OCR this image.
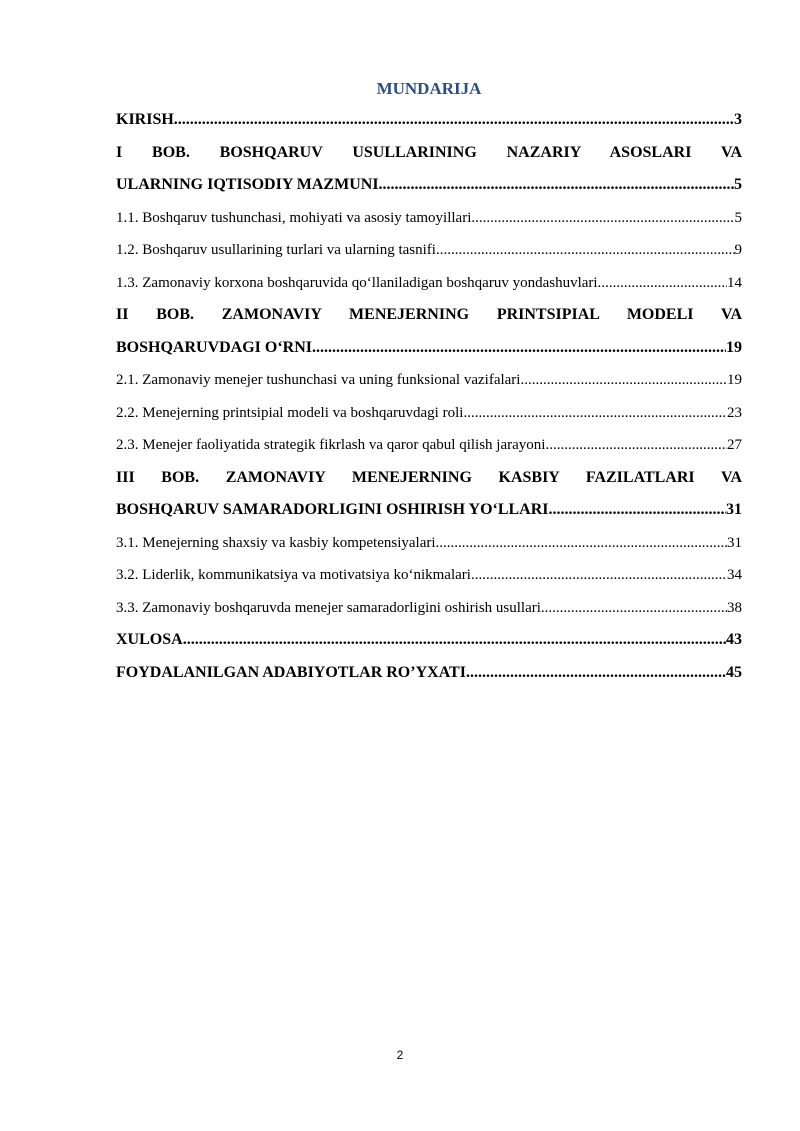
MUNDARIJA
KIRISH .....	3
I BOB. BOSHQARUV USULLARINING NAZARIY ASOSLARI VA
ULARNING IQTISODIY MAZMUNI .....	5
1.1. Boshqaruv tushunchasi, mohiyati va asosiy tamoyillari .....	5
1.2. Boshqaruv usullarining turlari va ularning tasnifi .....	9
1.3. Zamonaviy korxona boshqaruvida qo‘llaniladigan boshqaruv yondashuvlari. .....	14
II BOB. ZAMONAVIY MENEJERNING PRINTSIPIAL MODELI VA
BOSHQARUVDAGI O‘RNI .....	19
2.1. Zamonaviy menejer tushunchasi va uning funksional vazifalari .....	19
2.2. Menejerning printsipial modeli va boshqaruvdagi roli .....	23
2.3. Menejer faoliyatida strategik fikrlash va qaror qabul qilish jarayoni .....	27
III BOB. ZAMONAVIY MENEJERNING KASBIY FAZILATLARI VA
BOSHQARUV SAMARADORLIGINI OSHIRISH YO‘LLARI .....	31
3.1. Menejerning shaxsiy va kasbiy kompetensiyalari .....	31
3.2. Liderlik, kommunikatsiya va motivatsiya ko‘nikmalari .....	34
3.3. Zamonaviy boshqaruvda menejer samaradorligini oshirish usullari .....	38
XULOSA .....	43
FOYDALANILGAN ADABIYOTLAR RO’YXATI .....	45
2
